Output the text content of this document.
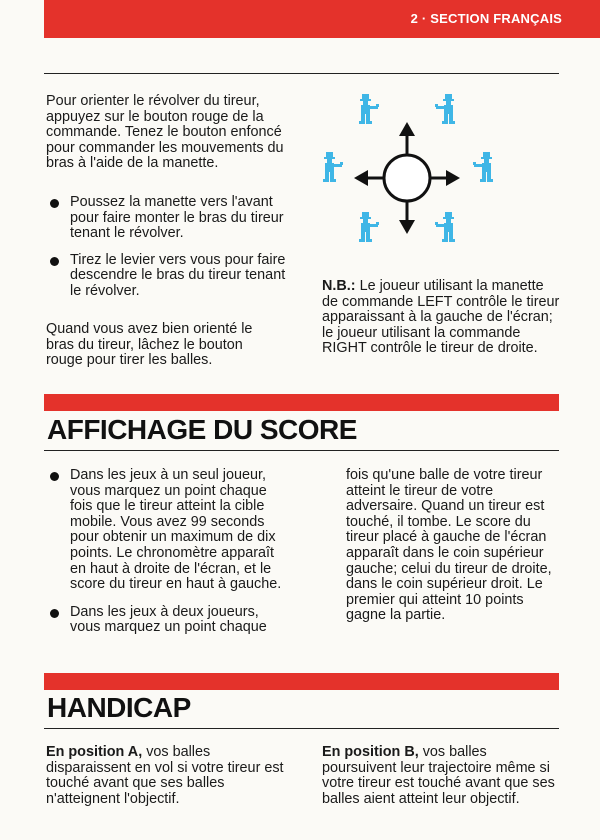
2 · SECTION FRANÇAIS

Pour orienter le révolver du tireur, appuyez sur le bouton rouge de la commande. Tenez le bouton enfoncé pour commander les mouvements du bras à l'aide de la manette.

Poussez la manette vers l'avant pour faire monter le bras du tireur tenant le révolver.
Tirez le levier vers vous pour faire descendre le bras du tireur tenant le révolver.

Quand vous avez bien orienté le bras du tireur, lâchez le bouton rouge pour tirer les balles.

N.B.: Le joueur utilisant la manette de commande LEFT contrôle le tireur apparaissant à la gauche de l'écran; le joueur utilisant la commande RIGHT contrôle le tireur de droite.

AFFICHAGE DU SCORE
Dans les jeux à un seul joueur, vous marquez un point chaque fois que le tireur atteint la cible mobile. Vous avez 99 seconds pour obtenir un maximum de dix points. Le chronomètre apparaît en haut à droite de l'écran, et le score du tireur en haut à gauche.
Dans les jeux à deux joueurs, vous marquez un point chaque

fois qu'une balle de votre tireur atteint le tireur de votre adversaire. Quand un tireur est touché, il tombe. Le score du tireur placé à gauche de l'écran apparaît dans le coin supérieur gauche; celui du tireur de droite, dans le coin supérieur droit. Le premier qui atteint 10 points gagne la partie.

HANDICAP

En position A, vos balles disparaissent en vol si votre tireur est touché avant que ses balles n'atteignent l'objectif.

En position B, vos balles poursuivent leur trajectoire même si votre tireur est touché avant que ses balles aient atteint leur objectif.
